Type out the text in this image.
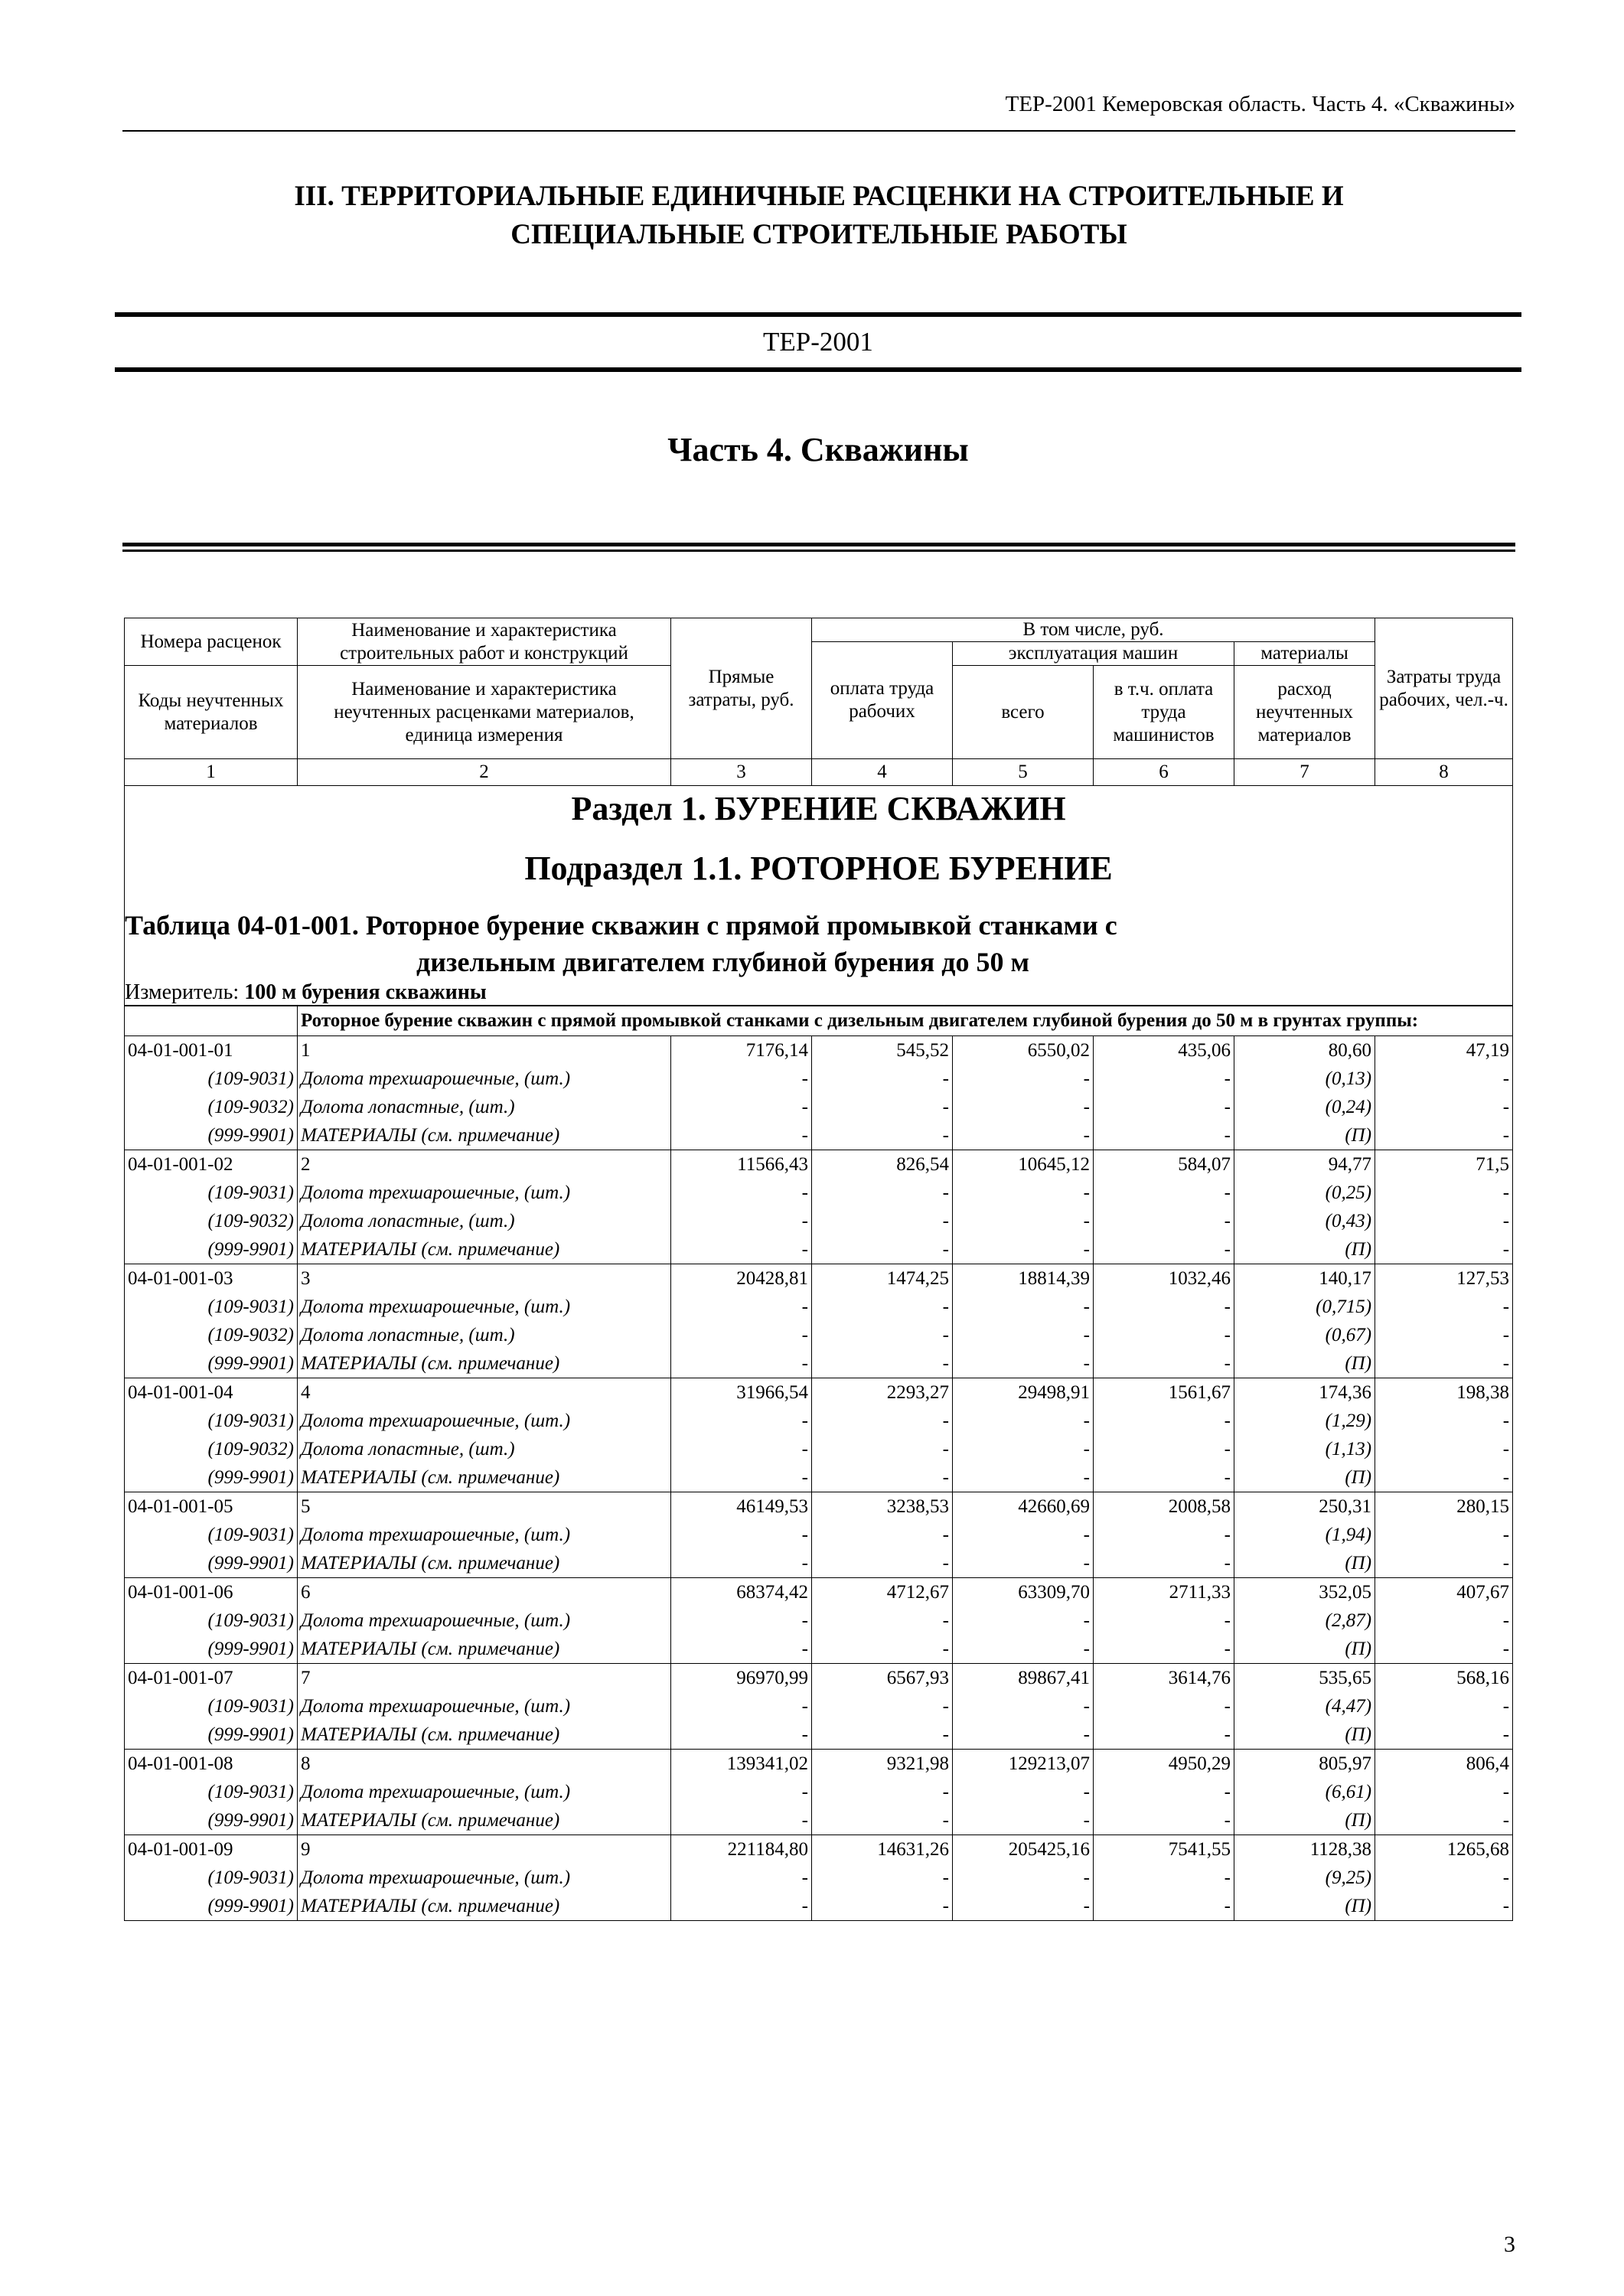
ТЕР-2001 Кемеровская область. Часть 4. «Скважины»
III. ТЕРРИТОРИАЛЬНЫЕ ЕДИНИЧНЫЕ РАСЦЕНКИ НА СТРОИТЕЛЬНЫЕ И
СПЕЦИАЛЬНЫЕ СТРОИТЕЛЬНЫЕ РАБОТЫ
ТЕР-2001
Часть 4. Скважины
Номера расценок	Наименование и характеристика строительных работ и конструкций	Прямые затраты, руб.	В том числе, руб.				Затраты труда рабочих, чел.-ч.
			оплата труда рабочих	эксплуатация машин		материалы	
Коды неучтенных материалов	Наименование и характеристика неучтенных расценками материалов, единица измерения			всего	в т.ч. оплата труда машинистов	расход неучтенных материалов	
1	2	3	4	5	6	7	8
Раздел 1. БУРЕНИЕ СКВАЖИН							
Подраздел 1.1. РОТОРНОЕ БУРЕНИЕ							
Таблица 04-01-001. Роторное бурение скважин с прямой промывкой станками с
дизельным двигателем глубиной бурения до 50 м							

Измеритель: 100 м бурения скважины							
	Роторное бурение скважин с прямой промывкой станками с дизельным двигателем глубиной бурения до 50 м в грунтах группы:						
04-01-001-01	1	7176,14	545,52	6550,02	435,06	80,60	47,19
(109-9031)	Долота трехшарошечные, (шт.)	-	-	-	-	(0,13)	-
(109-9032)	Долота лопастные, (шт.)	-	-	-	-	(0,24)	-
(999-9901)	МАТЕРИАЛЫ (см. примечание)	-	-	-	-	(П)	-
04-01-001-02	2	11566,43	826,54	10645,12	584,07	94,77	71,5
(109-9031)	Долота трехшарошечные, (шт.)	-	-	-	-	(0,25)	-
(109-9032)	Долота лопастные, (шт.)	-	-	-	-	(0,43)	-
(999-9901)	МАТЕРИАЛЫ (см. примечание)	-	-	-	-	(П)	-
04-01-001-03	3	20428,81	1474,25	18814,39	1032,46	140,17	127,53
(109-9031)	Долота трехшарошечные, (шт.)	-	-	-	-	(0,715)	-
(109-9032)	Долота лопастные, (шт.)	-	-	-	-	(0,67)	-
(999-9901)	МАТЕРИАЛЫ (см. примечание)	-	-	-	-	(П)	-
04-01-001-04	4	31966,54	2293,27	29498,91	1561,67	174,36	198,38
(109-9031)	Долота трехшарошечные, (шт.)	-	-	-	-	(1,29)	-
(109-9032)	Долота лопастные, (шт.)	-	-	-	-	(1,13)	-
(999-9901)	МАТЕРИАЛЫ (см. примечание)	-	-	-	-	(П)	-
04-01-001-05	5	46149,53	3238,53	42660,69	2008,58	250,31	280,15
(109-9031)	Долота трехшарошечные, (шт.)	-	-	-	-	(1,94)	-
(999-9901)	МАТЕРИАЛЫ (см. примечание)	-	-	-	-	(П)	-
04-01-001-06	6	68374,42	4712,67	63309,70	2711,33	352,05	407,67
(109-9031)	Долота трехшарошечные, (шт.)	-	-	-	-	(2,87)	-
(999-9901)	МАТЕРИАЛЫ (см. примечание)	-	-	-	-	(П)	-
04-01-001-07	7	96970,99	6567,93	89867,41	3614,76	535,65	568,16
(109-9031)	Долота трехшарошечные, (шт.)	-	-	-	-	(4,47)	-
(999-9901)	МАТЕРИАЛЫ (см. примечание)	-	-	-	-	(П)	-
04-01-001-08	8	139341,02	9321,98	129213,07	4950,29	805,97	806,4
(109-9031)	Долота трехшарошечные, (шт.)	-	-	-	-	(6,61)	-
(999-9901)	МАТЕРИАЛЫ (см. примечание)	-	-	-	-	(П)	-
04-01-001-09	9	221184,80	14631,26	205425,16	7541,55	1128,38	1265,68
(109-9031)	Долота трехшарошечные, (шт.)	-	-	-	-	(9,25)	-
(999-9901)	МАТЕРИАЛЫ (см. примечание)	-	-	-	-	(П)	-
3
